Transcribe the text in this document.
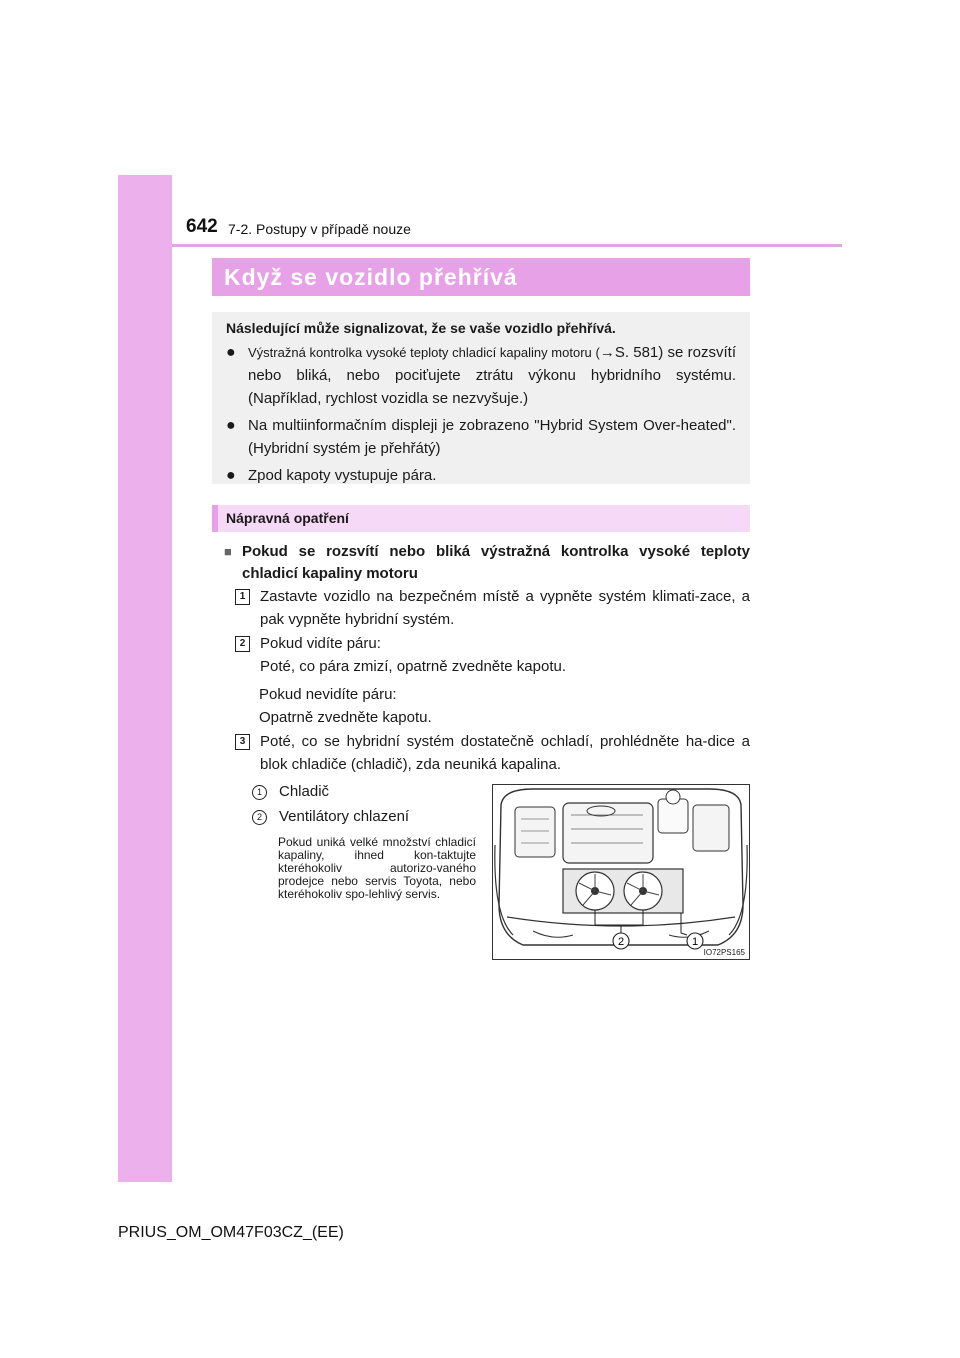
642 7-2. Postupy v případě nouze
Když se vozidlo přehřívá
Následující může signalizovat, že se vaše vozidlo přehřívá.
● Výstražná kontrolka vysoké teploty chladicí kapaliny motoru (→S. 581) se rozsvítí nebo bliká, nebo pociťujete ztrátu výkonu hybridního systému. (Například, rychlost vozidla se nezvyšuje.)
● Na multiinformačním displeji je zobrazeno "Hybrid System Over-heated". (Hybridní systém je přehřátý)
● Zpod kapoty vystupuje pára.
Nápravná opatření
■ Pokud se rozsvítí nebo bliká výstražná kontrolka vysoké teploty chladicí kapaliny motoru
1 Zastavte vozidlo na bezpečném místě a vypněte systém klimati-zace, a pak vypněte hybridní systém.
2 Pokud vidíte páru:
Poté, co pára zmizí, opatrně zvedněte kapotu.
Pokud nevidíte páru:
Opatrně zvedněte kapotu.
3 Poté, co se hybridní systém dostatečně ochladí, prohlédněte ha-dice a blok chladiče (chladič), zda neuniká kapalina.
1	Chladič
2	Ventilátory chlazení
Pokud uniká velké množství chladicí kapaliny, ihned kon-taktujte kteréhokoliv autorizo-vaného prodejce nebo servis Toyota, nebo kteréhokoliv spo-lehlivý servis.
2	1
IO72PS165
PRIUS_OM_OM47F03CZ_(EE)
